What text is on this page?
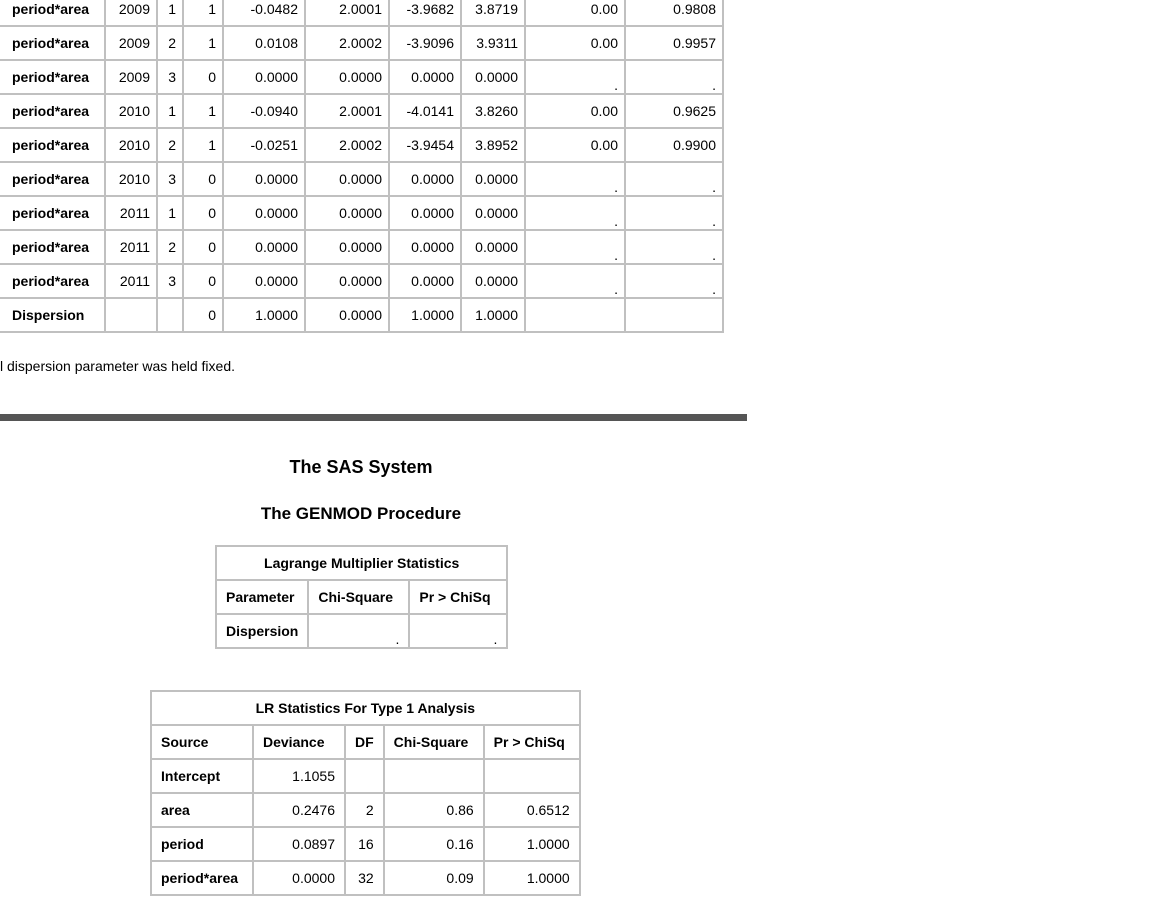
period*area	2009	1	1	-0.0482	2.0001	-3.9682	3.8719	0.00	0.9808
period*area	2009	2	1	0.0108	2.0002	-3.9096	3.9311	0.00	0.9957
period*area	2009	3	0	0.0000	0.0000	0.0000	0.0000	.	.
period*area	2010	1	1	-0.0940	2.0001	-4.0141	3.8260	0.00	0.9625
period*area	2010	2	1	-0.0251	2.0002	-3.9454	3.8952	0.00	0.9900
period*area	2010	3	0	0.0000	0.0000	0.0000	0.0000	.	.
period*area	2011	1	0	0.0000	0.0000	0.0000	0.0000	.	.
period*area	2011	2	0	0.0000	0.0000	0.0000	0.0000	.	.
period*area	2011	3	0	0.0000	0.0000	0.0000	0.0000	.	.
Dispersion			0	1.0000	0.0000	1.0000	1.0000		
l dispersion parameter was held fixed.
The SAS System
The GENMOD Procedure
Lagrange Multiplier Statistics		
Parameter	Chi-Square	Pr > ChiSq
Dispersion	.	.
LR Statistics For Type 1 Analysis				
Source	Deviance	DF	Chi-Square	Pr > ChiSq
Intercept	1.1055			
area	0.2476	2	0.86	0.6512
period	0.0897	16	0.16	1.0000
period*area	0.0000	32	0.09	1.0000
